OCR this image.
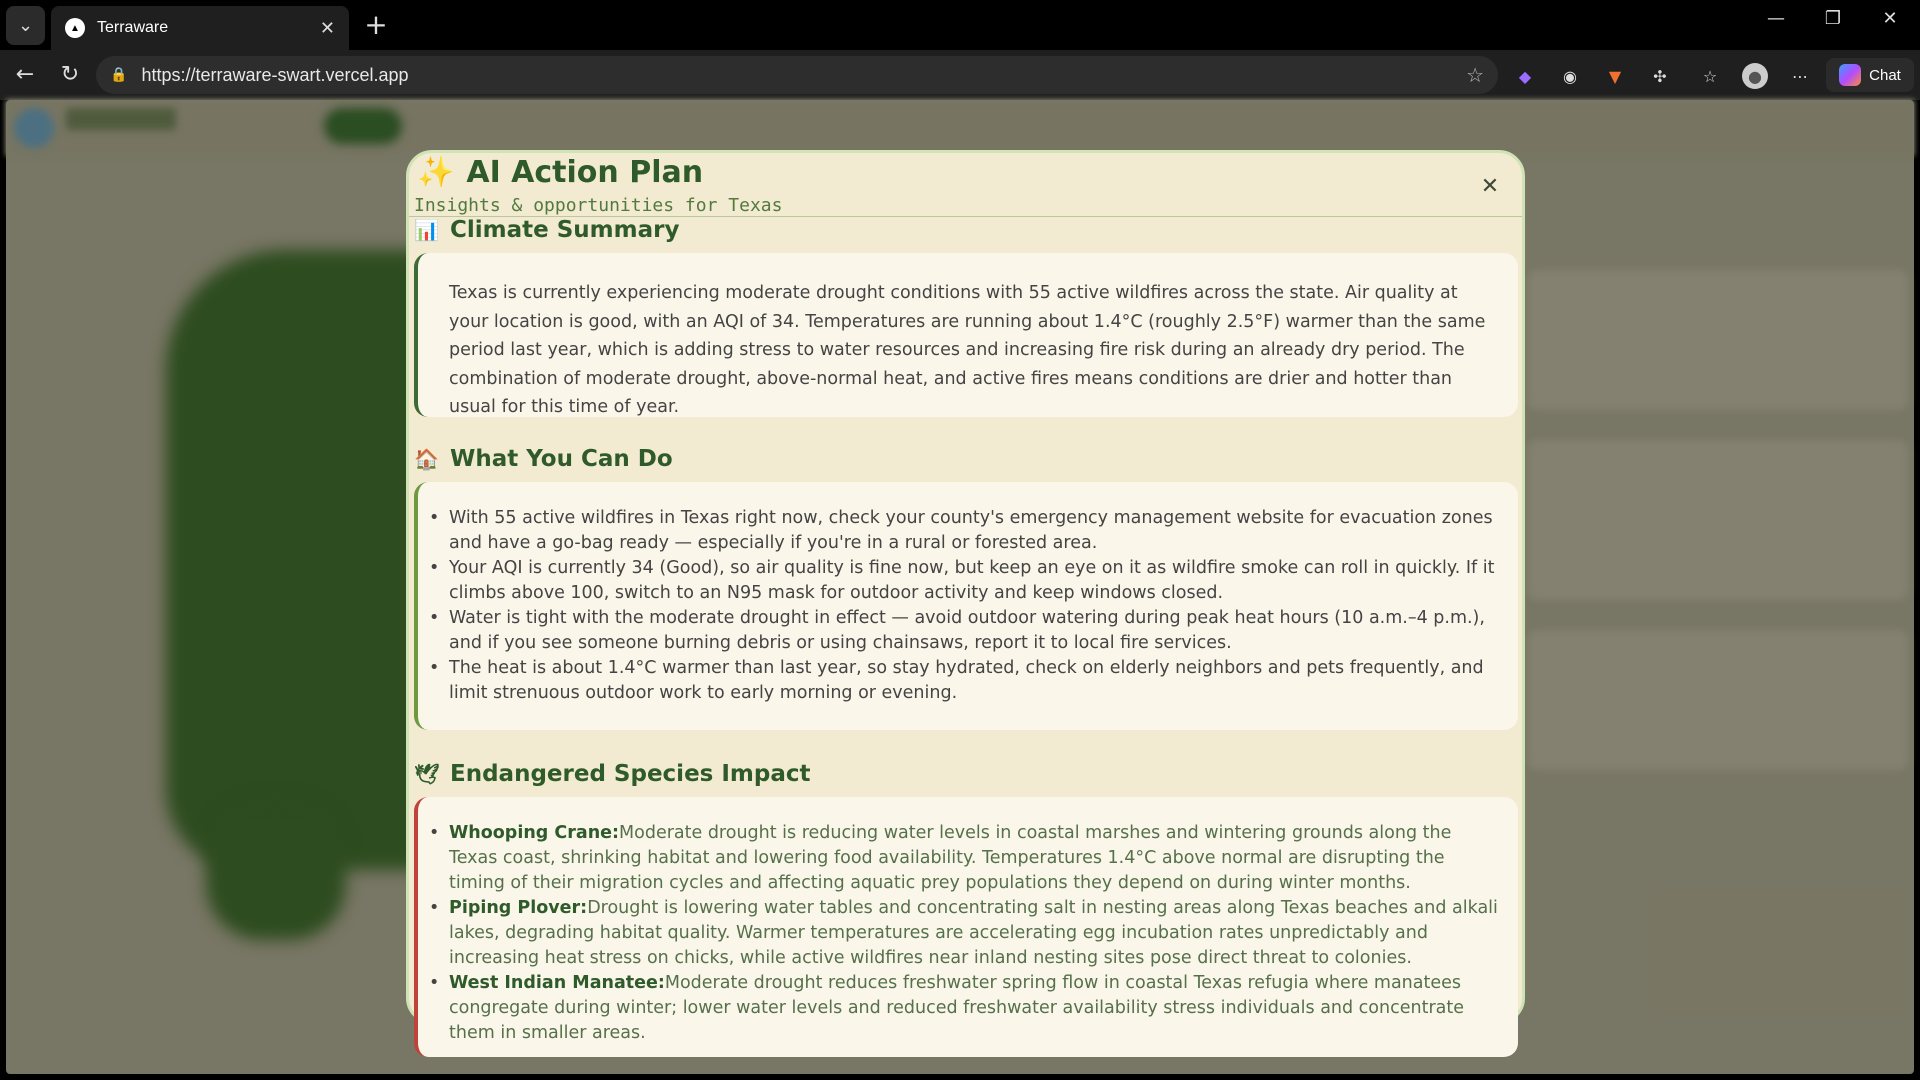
⌄	▲	Terraware	✕ +	—	❐	✕
← ↻	🔒 https://terraware-swart.vercel.app	☆	◆	◉	▼	✣	☆	●	⋯	Chat
✨ AI Action Plan
Insights & opportunities for Texas
✕
📊 Climate Summary

Texas is currently experiencing moderate drought conditions with 55 active wildfires across the state. Air quality at your location is good, with an AQI of 34. Temperatures are running about 1.4°C (roughly 2.5°F) warmer than the same period last year, which is adding stress to water resources and increasing fire risk during an already dry period. The combination of moderate drought, above-normal heat, and active fires means conditions are drier and hotter than usual for this time of year.

🏠 What You Can Do
• With 55 active wildfires in Texas right now, check your county's emergency management website for evacuation zones and have a go-bag ready — especially if you're in a rural or forested area.
• Your AQI is currently 34 (Good), so air quality is fine now, but keep an eye on it as wildfire smoke can roll in quickly. If it climbs above 100, switch to an N95 mask for outdoor activity and keep windows closed.
• Water is tight with the moderate drought in effect — avoid outdoor watering during peak heat hours (10 a.m.–4 p.m.), and if you see someone burning debris or using chainsaws, report it to local fire services.
• The heat is about 1.4°C warmer than last year, so stay hydrated, check on elderly neighbors and pets frequently, and limit strenuous outdoor work to early morning or evening.
🕊 Endangered Species Impact
• Whooping Crane:Moderate drought is reducing water levels in coastal marshes and wintering grounds along the Texas coast, shrinking habitat and lowering food availability. Temperatures 1.4°C above normal are disrupting the timing of their migration cycles and affecting aquatic prey populations they depend on during winter months.
• Piping Plover:Drought is lowering water tables and concentrating salt in nesting areas along Texas beaches and alkali lakes, degrading habitat quality. Warmer temperatures are accelerating egg incubation rates unpredictably and increasing heat stress on chicks, while active wildfires near inland nesting sites pose direct threat to colonies.
• West Indian Manatee:Moderate drought reduces freshwater spring flow in coastal Texas refugia where manatees congregate during winter; lower water levels and reduced freshwater availability stress individuals and concentrate them in smaller areas.
